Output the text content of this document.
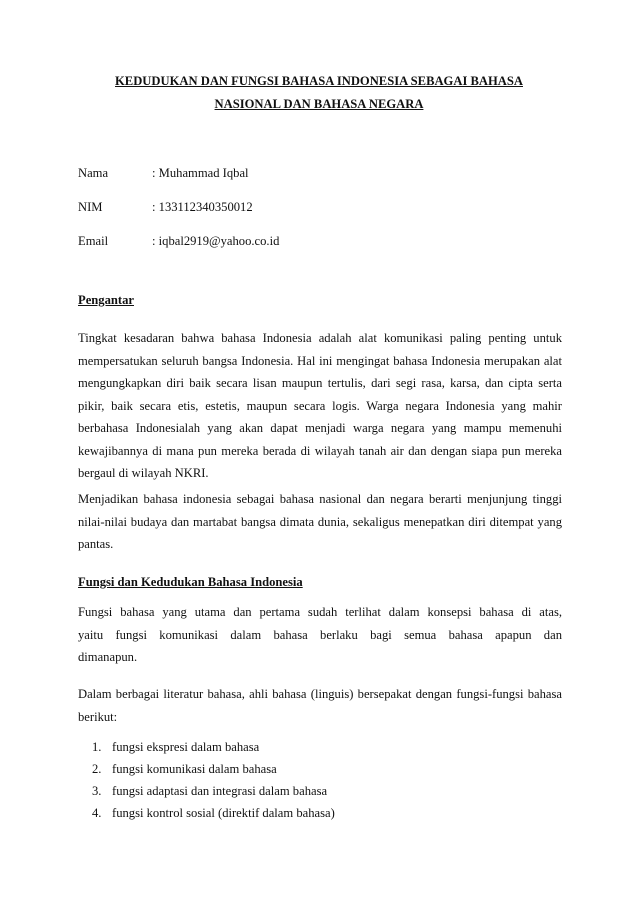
KEDUDUKAN DAN FUNGSI BAHASA INDONESIA SEBAGAI BAHASA
NASIONAL DAN BAHASA NEGARA
Nama	: Muhammad Iqbal
NIM	: 133112340350012
Email	: iqbal2919@yahoo.co.id
Pengantar

Tingkat kesadaran bahwa bahasa Indonesia adalah alat komunikasi paling penting untuk mempersatukan seluruh bangsa Indonesia. Hal ini mengingat bahasa Indonesia merupakan alat mengungkapkan diri baik secara lisan maupun tertulis, dari segi rasa, karsa, dan cipta serta pikir, baik secara etis, estetis, maupun secara logis. Warga negara Indonesia yang mahir berbahasa Indonesialah yang akan dapat menjadi warga negara yang mampu memenuhi kewajibannya di mana pun mereka berada di wilayah tanah air dan dengan siapa pun mereka bergaul di wilayah NKRI.

Menjadikan bahasa indonesia sebagai bahasa nasional dan negara berarti menjunjung tinggi nilai-nilai budaya dan martabat bangsa dimata dunia, sekaligus menepatkan diri ditempat yang pantas.

Fungsi dan Kedudukan Bahasa Indonesia

Fungsi bahasa yang utama dan pertama sudah terlihat dalam konsepsi bahasa di atas, yaitu fungsi komunikasi dalam bahasa berlaku bagi semua bahasa apapun dan dimanapun.

Dalam berbagai literatur bahasa, ahli bahasa (linguis) bersepakat dengan fungsi-fungsi bahasa berikut:

1. fungsi ekspresi dalam bahasa
2. fungsi komunikasi dalam bahasa
3. fungsi adaptasi dan integrasi dalam bahasa
4. fungsi kontrol sosial (direktif dalam bahasa)
